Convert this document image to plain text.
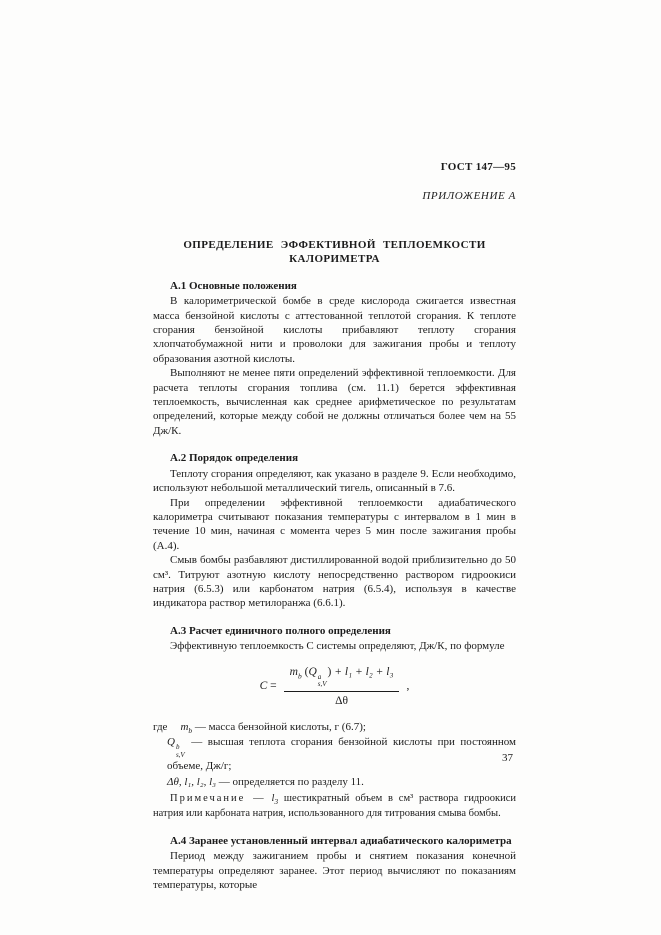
ГОСТ 147—95
ПРИЛОЖЕНИЕ А
ОПРЕДЕЛЕНИЕ ЭФФЕКТИВНОЙ ТЕПЛОЕМКОСТИ КАЛОРИМЕТРА
А.1 Основные положения

В калориметрической бомбе в среде кислорода сжигается известная масса бензойной кислоты с аттестованной теплотой сгорания. К теплоте сгорания бензойной кислоты прибавляют теплоту сгорания хлопчатобумажной нити и проволоки для зажигания пробы и теплоту образования азотной кислоты.

Выполняют не менее пяти определений эффективной теплоемкости. Для расчета теплоты сгорания топлива (см. 11.1) берется эффективная теплоемкость, вычисленная как среднее арифметическое по результатам определений, которые между собой не должны отличаться более чем на 55 Дж/К.

А.2 Порядок определения

Теплоту сгорания определяют, как указано в разделе 9. Если необходимо, используют небольшой металлический тигель, описанный в 7.6.

При определении эффективной теплоемкости адиабатического калориметра считывают показания температуры с интервалом в 1 мин в течение 10 мин, начиная с момента через 5 мин после зажигания пробы (А.4).

Смыв бомбы разбавляют дистиллированной водой приблизительно до 50 см³. Титруют азотную кислоту непосредственно раствором гидроокиси натрия (6.5.3) или карбонатом натрия (6.5.4), используя в качестве индикатора раствор метилоранжа (6.6.1).

А.3 Расчет единичного полного определения

Эффективную теплоемкость С системы определяют, Дж/К, по формуле

$C = m_b$ (Q a
s,V
) + l₁ + l₂ + l₃
Δθ ,

где $m_b$ — масса бензойной кислоты, г (6.7);

Q b
s,V
— высшая теплота сгорания бензойной кислоты при постоянном объеме, Дж/г;

Δθ, l₁, l₂, l₃ — определяется по разделу 11.

Примечание — $l_3$ шестикратный объем в см³ раствора гидроокиси натрия или карбоната натрия, использованного для титрования смыва бомбы.

А.4 Заранее установленный интервал адиабатического калориметра

Период между зажиганием пробы и снятием показания конечной температуры определяют заранее. Этот период вычисляют по показаниям температуры, которые

37
